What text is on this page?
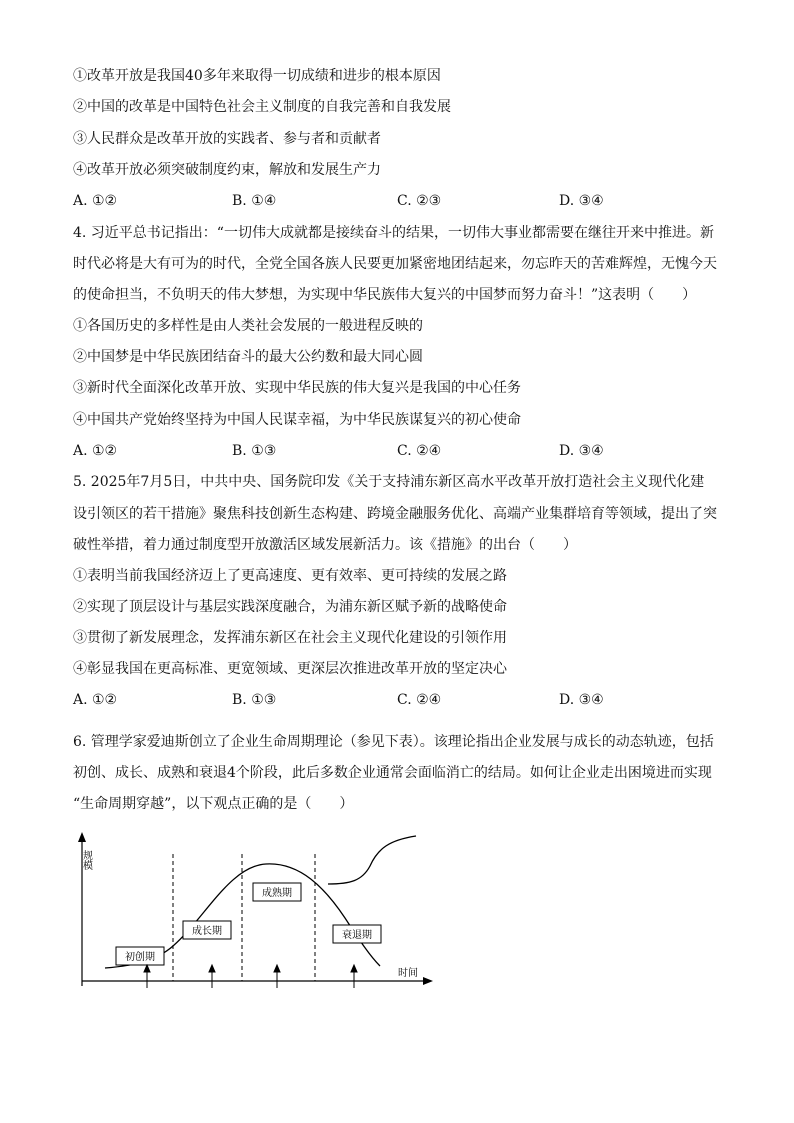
①改革开放是我国40多年来取得一切成绩和进步的根本原因
②中国的改革是中国特色社会主义制度的自我完善和自我发展
③人民群众是改革开放的实践者、参与者和贡献者
④改革开放必须突破制度约束，解放和发展生产力
A. ①②	B. ①④	C. ②③	D. ③④
4. 习近平总书记指出：“一切伟大成就都是接续奋斗的结果，一切伟大事业都需要在继往开来中推进。新
时代必将是大有可为的时代，全党全国各族人民要更加紧密地团结起来，勿忘昨天的苦难辉煌，无愧今天
的使命担当，不负明天的伟大梦想，为实现中华民族伟大复兴的中国梦而努力奋斗！”这表明（　　）
①各国历史的多样性是由人类社会发展的一般进程反映的
②中国梦是中华民族团结奋斗的最大公约数和最大同心圆
③新时代全面深化改革开放、实现中华民族的伟大复兴是我国的中心任务
④中国共产党始终坚持为中国人民谋幸福，为中华民族谋复兴的初心使命
A. ①②	B. ①③	C. ②④	D. ③④
5. 2025年7月5日，中共中央、国务院印发《关于支持浦东新区高水平改革开放打造社会主义现代化建
设引领区的若干措施》聚焦科技创新生态构建、跨境金融服务优化、高端产业集群培育等领域，提出了突
破性举措，着力通过制度型开放激活区域发展新活力。该《措施》的出台（　　）
①表明当前我国经济迈上了更高速度、更有效率、更可持续的发展之路
②实现了顶层设计与基层实践深度融合，为浦东新区赋予新的战略使命
③贯彻了新发展理念，发挥浦东新区在社会主义现代化建设的引领作用
④彰显我国在更高标准、更宽领域、更深层次推进改革开放的坚定决心
A. ①②	B. ①③	C. ②④	D. ③④
6. 管理学家爱迪斯创立了企业生命周期理论（参见下表）。该理论指出企业发展与成长的动态轨迹，包括
初创、成长、成熟和衰退4个阶段，此后多数企业通常会面临消亡的结局。如何让企业走出困境进而实现
“生命周期穿越”，以下观点正确的是（　　）
规模
时间
初创期
成长期
成熟期
衰退期
